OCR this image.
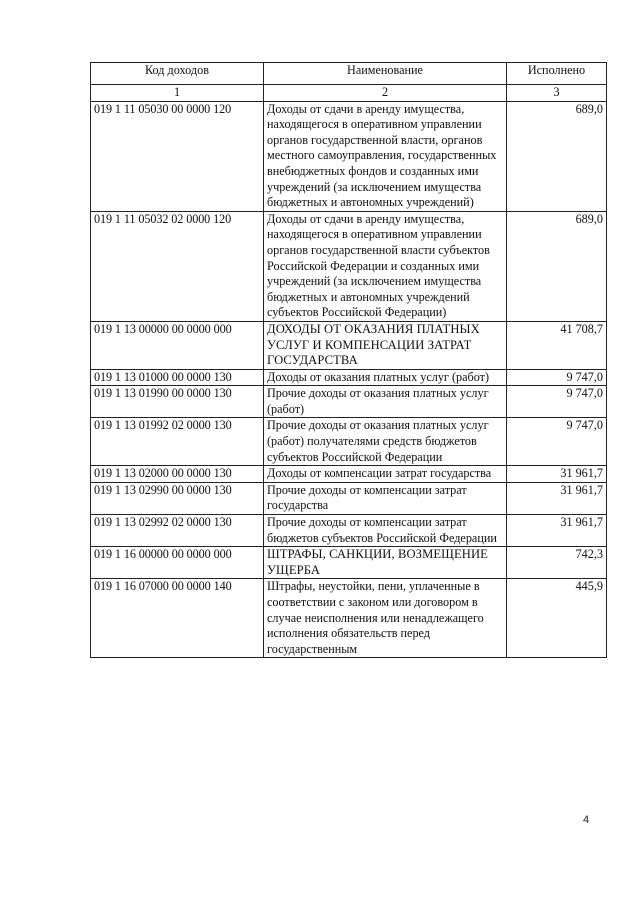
Код доходов	Наименование	Исполнено
1	2	3
019 1 11 05030 00 0000 120	Доходы от сдачи в аренду имущества, находящегося в оперативном управлении органов государственной власти, органов местного самоуправления, государственных внебюджетных фондов и созданных ими учреждений (за исключением имущества бюджетных и автономных учреждений)	689,0
019 1 11 05032 02 0000 120	Доходы от сдачи в аренду имущества, находящегося в оперативном управлении органов государственной власти субъектов Российской Федерации и созданных ими учреждений (за исключением имущества бюджетных и автономных учреждений субъектов Российской Федерации)	689,0
019 1 13 00000 00 0000 000	ДОХОДЫ ОТ ОКАЗАНИЯ ПЛАТНЫХ УСЛУГ И КОМПЕНСАЦИИ ЗАТРАТ ГОСУДАРСТВА	41 708,7
019 1 13 01000 00 0000 130	Доходы от оказания платных услуг (работ)	9 747,0
019 1 13 01990 00 0000 130	Прочие доходы от оказания платных услуг (работ)	9 747,0
019 1 13 01992 02 0000 130	Прочие доходы от оказания платных услуг (работ) получателями средств бюджетов субъектов Российской Федерации	9 747,0
019 1 13 02000 00 0000 130	Доходы от компенсации затрат государства	31 961,7
019 1 13 02990 00 0000 130	Прочие доходы от компенсации затрат государства	31 961,7
019 1 13 02992 02 0000 130	Прочие доходы от компенсации затрат бюджетов субъектов Российской Федерации	31 961,7
019 1 16 00000 00 0000 000	ШТРАФЫ, САНКЦИИ, ВОЗМЕЩЕНИЕ УЩЕРБА	742,3
019 1 16 07000 00 0000 140	Штрафы, неустойки, пени, уплаченные в соответствии с законом или договором в случае неисполнения или ненадлежащего исполнения обязательств перед государственным	445,9
4
